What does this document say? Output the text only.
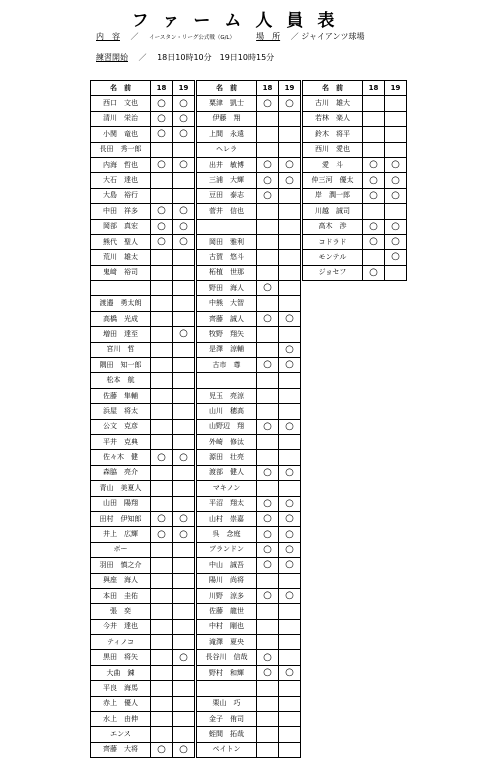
ファーム人員表
内　容 　／　 イースタン・リーグ公式戦（G/L） 　　	場　所 　／ ジャイアンツ球場
練習開始 　／　 18日10時10分　19日10時15分
名　前	18	19
西口　文也	○	○
清川　栄治	○	○
小関　竜也	○	○
長田　秀一郎		
内海　哲也	○	○
大石　達也		
大島　裕行		
中田　祥多	○	○
岡部　真宏	○	○
熊代　聖人	○	○
荒川　雄太		
鬼﨑　裕司		

渡邉　勇太朗		
高橋　光成		
増田　達至		○
宮川　哲		
隅田　知一郎		
松本　航		
佐藤　隼輔		
浜屋　将太		
公文　克彦		
平井　克典		
佐々木　健	○	○
森脇　亮介		
青山　美夏人		
山田　陽翔		
田村　伊知郎	○	○
井上　広輝	○	○
ボー		
羽田　慎之介		
與座　海人		
本田　圭佑		
張　奕		
今井　達也		
ティノコ		
黒田　将矢		○
大曲　錬		
平良　海馬		
赤上　優人		
水上　由伸		
エンス		
齊藤　大将	○	○
名　前	18	19
粟津　凱士	○	○
伊藤　翔		
上間　永遠		
ヘレラ		
出井　敏博	○	○
三浦　大輝	○	○
豆田　泰志	○	
菅井　信也		

岡田　雅利		
古賀　悠斗		
柘植　世那		
野田　海人	○	
中熊　大智		
齊藤　誠人	○	○
牧野　翔矢		
是澤　涼輔		○
古市　尊	○	○

児玉　亮涼		
山川　穂高		
山野辺　翔	○	○
外崎　修汰		
源田　壮亮		
渡部　健人	○	○
マキノン		
平沼　翔太	○	○
山村　崇嘉	○	○
呉　念庭	○	○
ブランドン	○	○
中山　誠吾	○	○
陽川　尚将		
川野　涼多	○	○
佐藤　龍世		
中村　剛也		
滝澤　夏央		
長谷川　信哉	○	
野村　和輝	○	○

栗山　巧		
金子　侑司		
蛭間　拓哉		
ペイトン		
名　前	18	19
古川　雄大		
若林　楽人		
鈴木　将平		
西川　愛也		
愛　斗	○	○
仲三河　優太	○	○
岸　潤一郎	○	○
川越　誠司		
高木　渉	○	○
コドラド	○	○
モンテル		○
ジョセフ	○	
